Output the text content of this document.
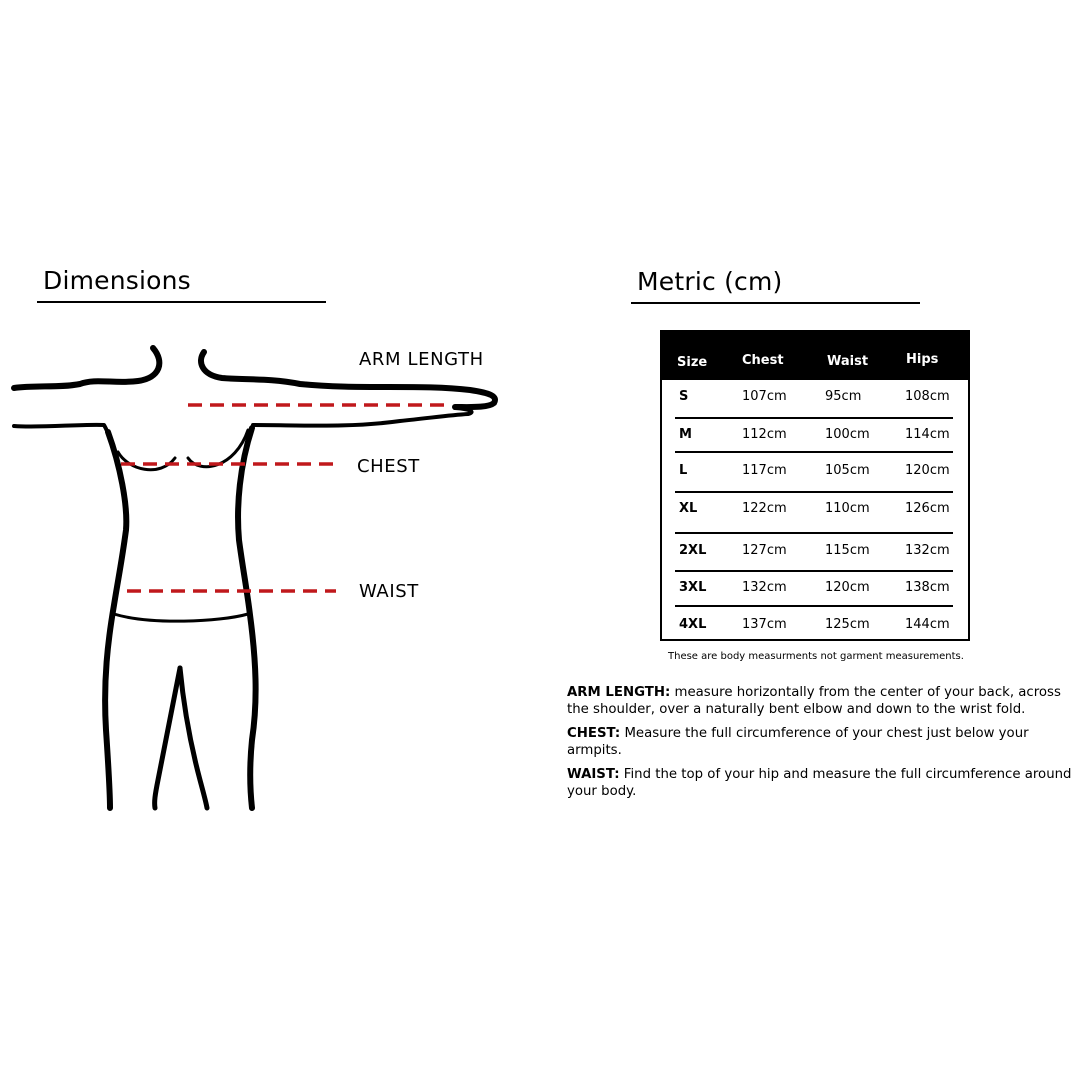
Dimensions	Metric (cm)
ARM LENGTH
CHEST
WAIST
Size	Chest	Waist	Hips
S	107cm	95cm	108cm
M	112cm	100cm	114cm
L	117cm	105cm	120cm
XL	122cm	110cm	126cm
2XL	127cm	115cm	132cm
3XL	132cm	120cm	138cm
4XL	137cm	125cm	144cm
These are body measurments not garment measurements.
ARM LENGTH: measure horizontally from the center of your back, across the shoulder, over a naturally bent elbow and down to the wrist fold.
CHEST: Measure the full circumference of your chest just below your armpits.
WAIST: Find the top of your hip and measure the full circumference around your body.
